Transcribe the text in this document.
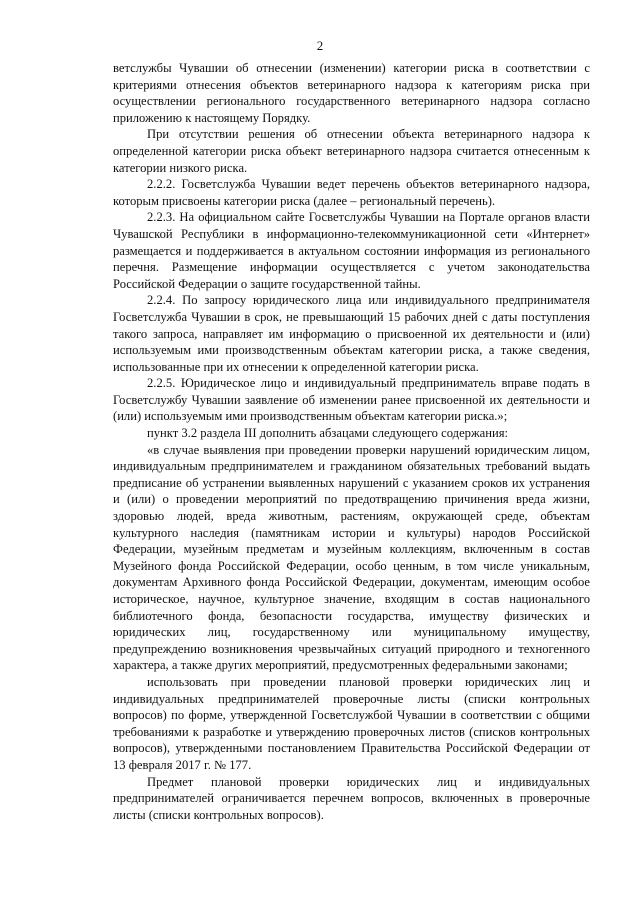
2

ветслужбы Чувашии об отнесении (изменении) категории риска в соответствии с критериями отнесения объектов ветеринарного надзора к категориям риска при осуществлении регионального государственного ветеринарного надзора согласно приложению к настоящему Порядку.

При отсутствии решения об отнесении объекта ветеринарного надзора к определенной категории риска объект ветеринарного надзора считается отнесенным к категории низкого риска.

2.2.2. Госветслужба Чувашии ведет перечень объектов ветеринарного надзора, которым присвоены категории риска (далее – региональный перечень).

2.2.3. На официальном сайте Госветслужбы Чувашии на Портале органов власти Чувашской Республики в информационно-телекоммуникационной сети «Интернет» размещается и поддерживается в актуальном состоянии информация из регионального перечня. Размещение информации осуществляется с учетом законодательства Российской Федерации о защите государственной тайны.

2.2.4. По запросу юридического лица или индивидуального предпринимателя Госветслужба Чувашии в срок, не превышающий 15 рабочих дней с даты поступления такого запроса, направляет им информацию о присвоенной их деятельности и (или) используемым ими производственным объектам категории риска, а также сведения, использованные при их отнесении к определенной категории риска.

2.2.5. Юридическое лицо и индивидуальный предприниматель вправе подать в Госветслужбу Чувашии заявление об изменении ранее присвоенной их деятельности и (или) используемым ими производственным объектам категории риска.»;

пункт 3.2 раздела III дополнить абзацами следующего содержания:

«в случае выявления при проведении проверки нарушений юридическим лицом, индивидуальным предпринимателем и гражданином обязательных требований выдать предписание об устранении выявленных нарушений с указанием сроков их устранения и (или) о проведении мероприятий по предотвращению причинения вреда жизни, здоровью людей, вреда животным, растениям, окружающей среде, объектам культурного наследия (памятникам истории и культуры) народов Российской Федерации, музейным предметам и музейным коллекциям, включенным в состав Музейного фонда Российской Федерации, особо ценным, в том числе уникальным, документам Архивного фонда Российской Федерации, документам, имеющим особое историческое, научное, культурное значение, входящим в состав национального библиотечного фонда, безопасности государства, имуществу физических и юридических лиц, государственному или муниципальному имуществу, предупреждению возникновения чрезвычайных ситуаций природного и техногенного характера, а также других мероприятий, предусмотренных федеральными законами;

использовать при проведении плановой проверки юридических лиц и индивидуальных предпринимателей проверочные листы (списки контрольных вопросов) по форме, утвержденной Госветслужбой Чувашии в соответствии с общими требованиями к разработке и утверждению проверочных листов (списков контрольных вопросов), утвержденными постановлением Правительства Российской Федерации от 13 февраля 2017 г. № 177.

Предмет плановой проверки юридических лиц и индивидуальных предпринимателей ограничивается перечнем вопросов, включенных в проверочные листы (списки контрольных вопросов).
